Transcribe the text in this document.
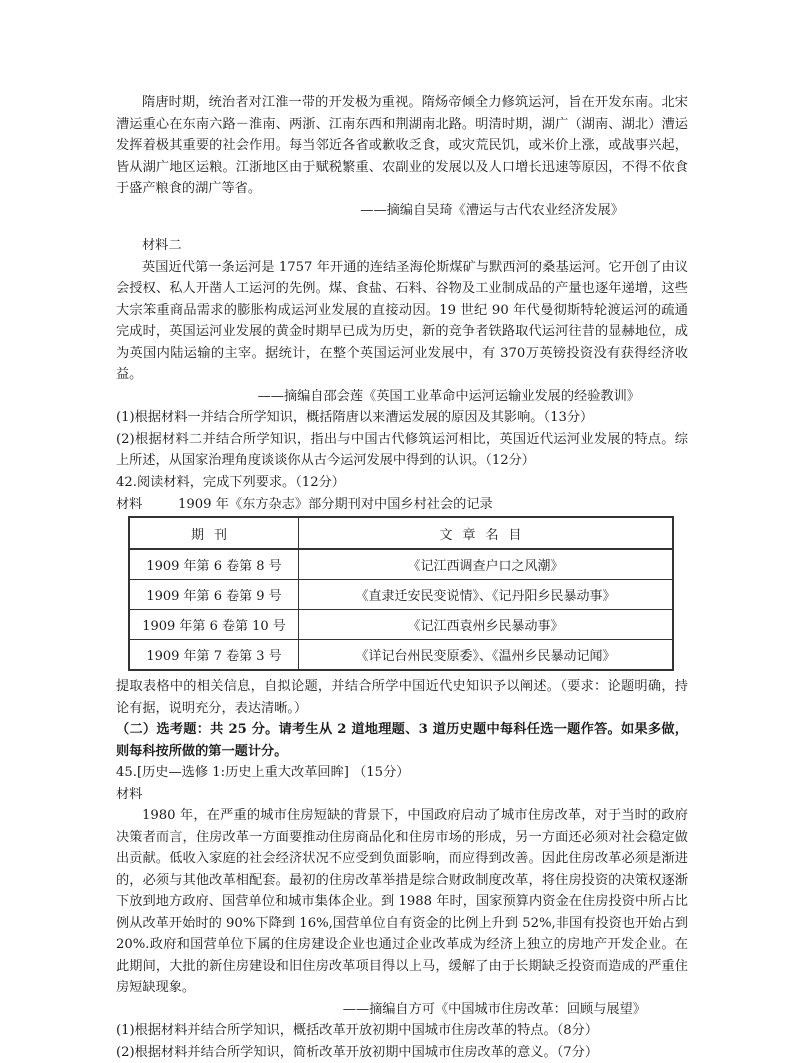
隋唐时期，统治者对江淮一带的开发极为重视。隋炀帝倾全力修筑运河，旨在开发东南。北宋漕运重心在东南六路－淮南、两浙、江南东西和荆湖南北路。明清时期，湖广（湖南、湖北）漕运发挥着极其重要的社会作用。每当邻近各省或歉收乏食，或灾荒民饥，或米价上涨，或战事兴起，皆从湖广地区运粮。江浙地区由于赋税繁重、农副业的发展以及人口增长迅速等原因，不得不依食于盛产粮食的湖广等省。

——摘编自吴琦《漕运与古代农业经济发展》

材料二

英国近代第一条运河是 1757 年开通的连结圣海伦斯煤矿与默西河的桑基运河。它开创了由议会授权、私人开凿人工运河的先例。煤、食盐、石料、谷物及工业制成品的产量也逐年递增，这些大宗笨重商品需求的膨胀构成运河业发展的直接动因。19 世纪 90 年代曼彻斯特轮渡运河的疏通完成时，英国运河业发展的黄金时期早已成为历史，新的竞争者铁路取代运河往昔的显赫地位，成为英国内陆运输的主宰。据统计，在整个英国运河业发展中，有 370万英镑投资没有获得经济收益。

——摘编自邵会莲《英国工业革命中运河运输业发展的经验教训》

(1)根据材料一并结合所学知识，概括隋唐以来漕运发展的原因及其影响。（13分）

(2)根据材料二并结合所学知识，指出与中国古代修筑运河相比，英国近代运河业发展的特点。综上所述，从国家治理角度谈谈你从古今运河发展中得到的认识。（12分）

42.阅读材料，完成下列要求。（12分）

材料	1909 年《东方杂志》部分期刊对中国乡村社会的记录
期刊	文章名目
1909 年第 6 卷第 8 号	《记江西调查户口之风潮》
1909 年第 6 卷第 9 号	《直隶迁安民变说情》、《记丹阳乡民暴动事》
1909 年第 6 卷第 10 号	《记江西袁州乡民暴动事》
1909 年第 7 卷第 3 号	《详记台州民变原委》、《温州乡民暴动记闻》

提取表格中的相关信息，自拟论题，并结合所学中国近代史知识予以阐述。（要求：论题明确，持论有据，说明充分，表达清晰。）

（二）选考题：共 25 分。请考生从 2 道地理题、3 道历史题中每科任选一题作答。如果多做，则每科按所做的第一题计分。

45.[历史—选修 1:历史上重大改革回眸] （15分）

材料

1980 年，在严重的城市住房短缺的背景下，中国政府启动了城市住房改革，对于当时的政府决策者而言，住房改革一方面要推动住房商品化和住房市场的形成，另一方面还必须对社会稳定做出贡献。低收入家庭的社会经济状况不应受到负面影响，而应得到改善。因此住房改革必须是渐进的，必须与其他改革相配套。最初的住房改革举措是综合财政制度改革，将住房投资的决策权逐渐下放到地方政府、国营单位和城市集体企业。到 1988 年时，国家预算内资金在住房投资中所占比例从改革开始时的 90%下降到 16%,国营单位自有资金的比例上升到 52%,非国有投资也开始占到 20%.政府和国营单位下属的住房建设企业也通过企业改革成为经济上独立的房地产开发企业。在此期间，大批的新住房建设和旧住房改革项目得以上马，缓解了由于长期缺乏投资而造成的严重住房短缺现象。

——摘编自方可《中国城市住房改革：回顾与展望》

(1)根据材料并结合所学知识，概括改革开放初期中国城市住房改革的特点。（8分）

(2)根据材料并结合所学知识，简析改革开放初期中国城市住房改革的意义。（7分）
